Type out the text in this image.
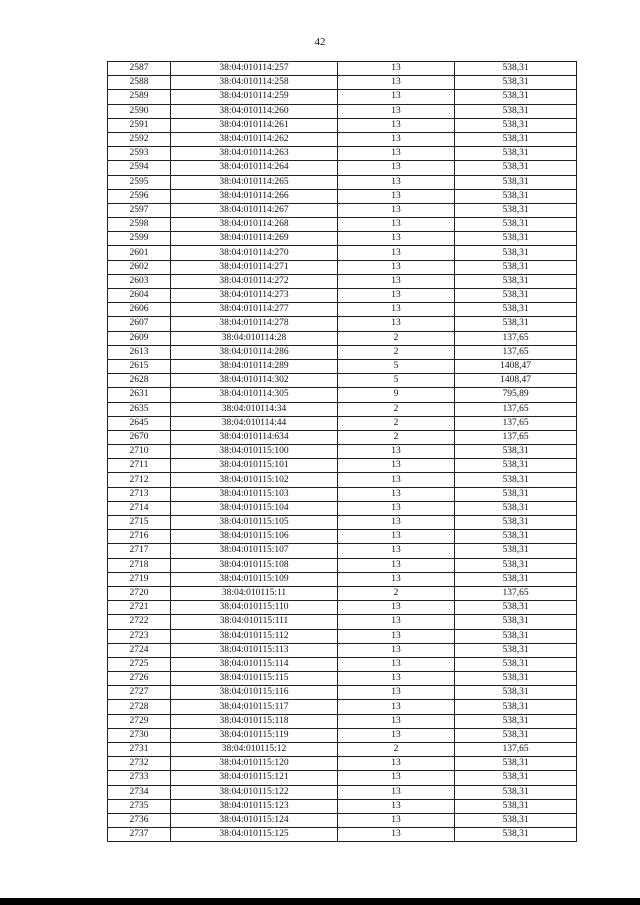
42
2587	38:04:010114:257	13	538,31
2588	38:04:010114:258	13	538,31
2589	38:04:010114:259	13	538,31
2590	38:04:010114:260	13	538,31
2591	38:04:010114:261	13	538,31
2592	38:04:010114:262	13	538,31
2593	38:04:010114:263	13	538,31
2594	38:04:010114:264	13	538,31
2595	38:04:010114:265	13	538,31
2596	38:04:010114:266	13	538,31
2597	38:04:010114:267	13	538,31
2598	38:04:010114:268	13	538,31
2599	38:04:010114:269	13	538,31
2601	38:04:010114:270	13	538,31
2602	38:04:010114:271	13	538,31
2603	38:04:010114:272	13	538,31
2604	38:04:010114:273	13	538,31
2606	38:04:010114:277	13	538,31
2607	38:04:010114:278	13	538,31
2609	38:04:010114:28	2	137,65
2613	38:04:010114:286	2	137,65
2615	38:04:010114:289	5	1408,47
2628	38:04:010114:302	5	1408,47
2631	38:04:010114:305	9	795,89
2635	38:04:010114:34	2	137,65
2645	38:04:010114:44	2	137,65
2670	38:04:010114:634	2	137,65
2710	38:04:010115:100	13	538,31
2711	38:04:010115:101	13	538,31
2712	38:04:010115:102	13	538,31
2713	38:04:010115:103	13	538,31
2714	38:04:010115:104	13	538,31
2715	38:04:010115:105	13	538,31
2716	38:04:010115:106	13	538,31
2717	38:04:010115:107	13	538,31
2718	38:04:010115:108	13	538,31
2719	38:04:010115:109	13	538,31
2720	38:04:010115:11	2	137,65
2721	38:04:010115:110	13	538,31
2722	38:04:010115:111	13	538,31
2723	38:04:010115:112	13	538,31
2724	38:04:010115:113	13	538,31
2725	38:04:010115:114	13	538,31
2726	38:04:010115:115	13	538,31
2727	38:04:010115:116	13	538,31
2728	38:04:010115:117	13	538,31
2729	38:04:010115:118	13	538,31
2730	38:04:010115:119	13	538,31
2731	38:04:010115:12	2	137,65
2732	38:04:010115:120	13	538,31
2733	38:04:010115:121	13	538,31
2734	38:04:010115:122	13	538,31
2735	38:04:010115:123	13	538,31
2736	38:04:010115:124	13	538,31
2737	38:04:010115:125	13	538,31
